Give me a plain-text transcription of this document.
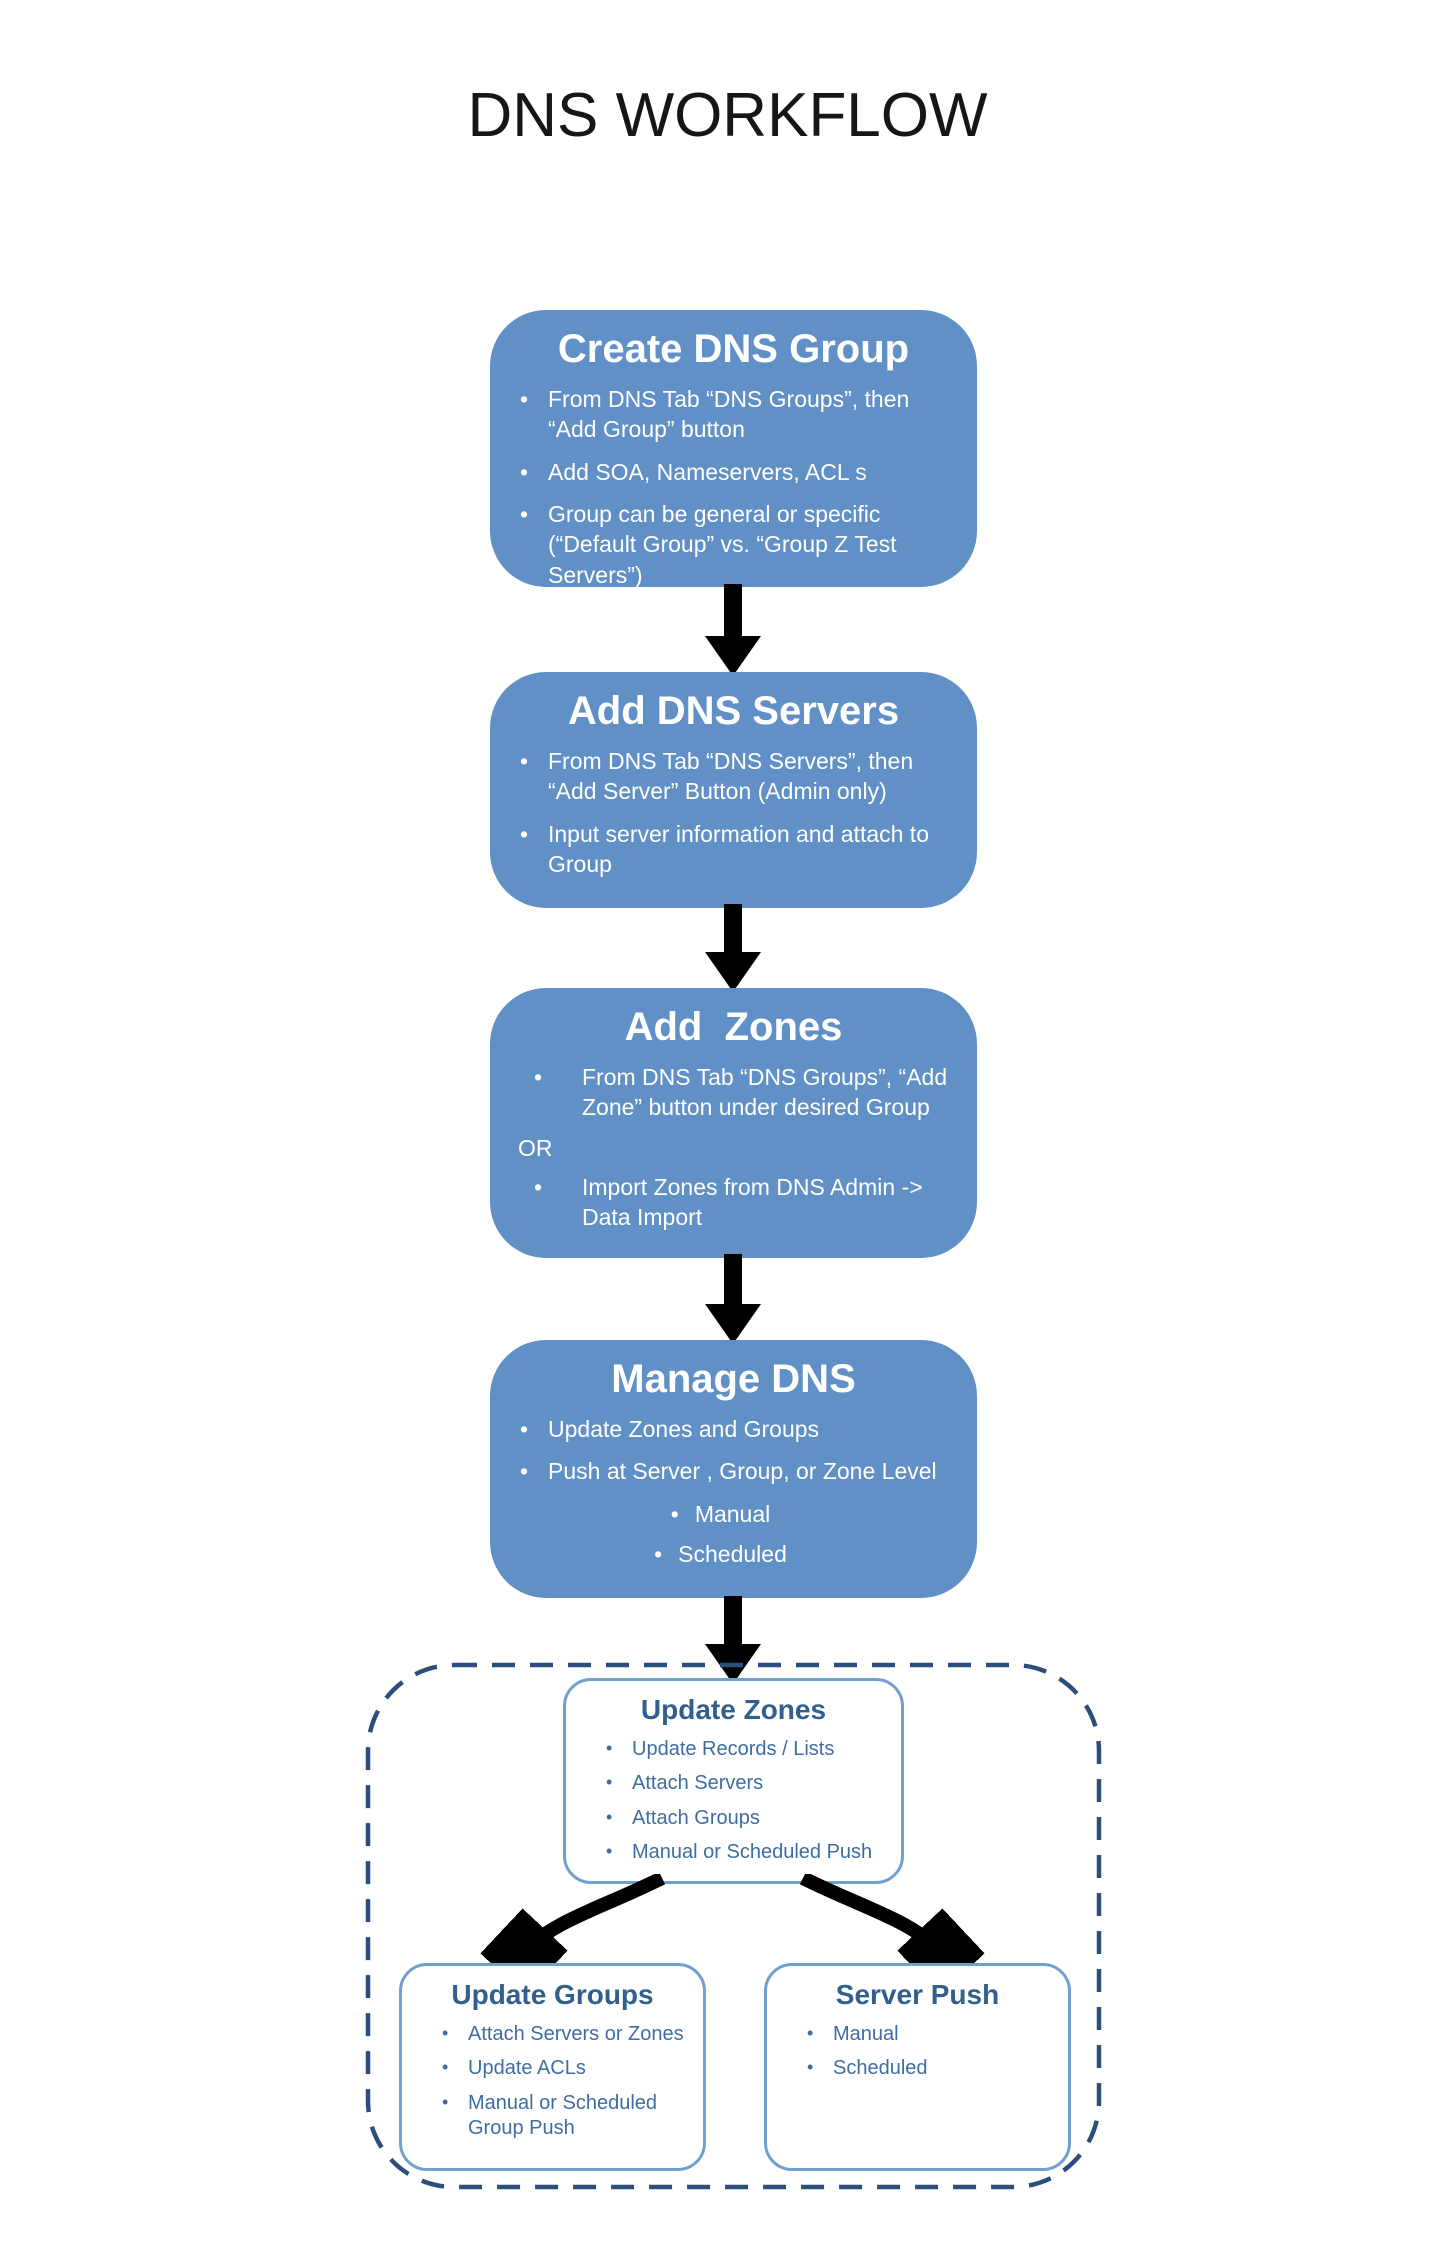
DNS WORKFLOW
Create DNS Group
• From DNS Tab “DNS Groups”, then “Add Group” button
• Add SOA, Nameservers, ACL s
• Group can be general or specific (“Default Group” vs. “Group Z Test Servers”)
Add DNS Servers
• From DNS Tab “DNS Servers”, then “Add Server” Button (Admin only)
• Input server information and attach to Group
Add  Zones
• From DNS Tab “DNS Groups”, “Add Zone” button under desired Group

OR

• Import Zones from DNS Admin -> Data Import
Manage DNS
• Update Zones and Groups
• Push at Server , Group, or Zone Level
• Manual
• Scheduled
Update Zones
• Update Records / Lists
• Attach Servers
• Attach Groups
• Manual or Scheduled Push
Update Groups
• Attach Servers or Zones
• Update ACLs
• Manual or Scheduled Group Push
Server Push
• Manual
• Scheduled
